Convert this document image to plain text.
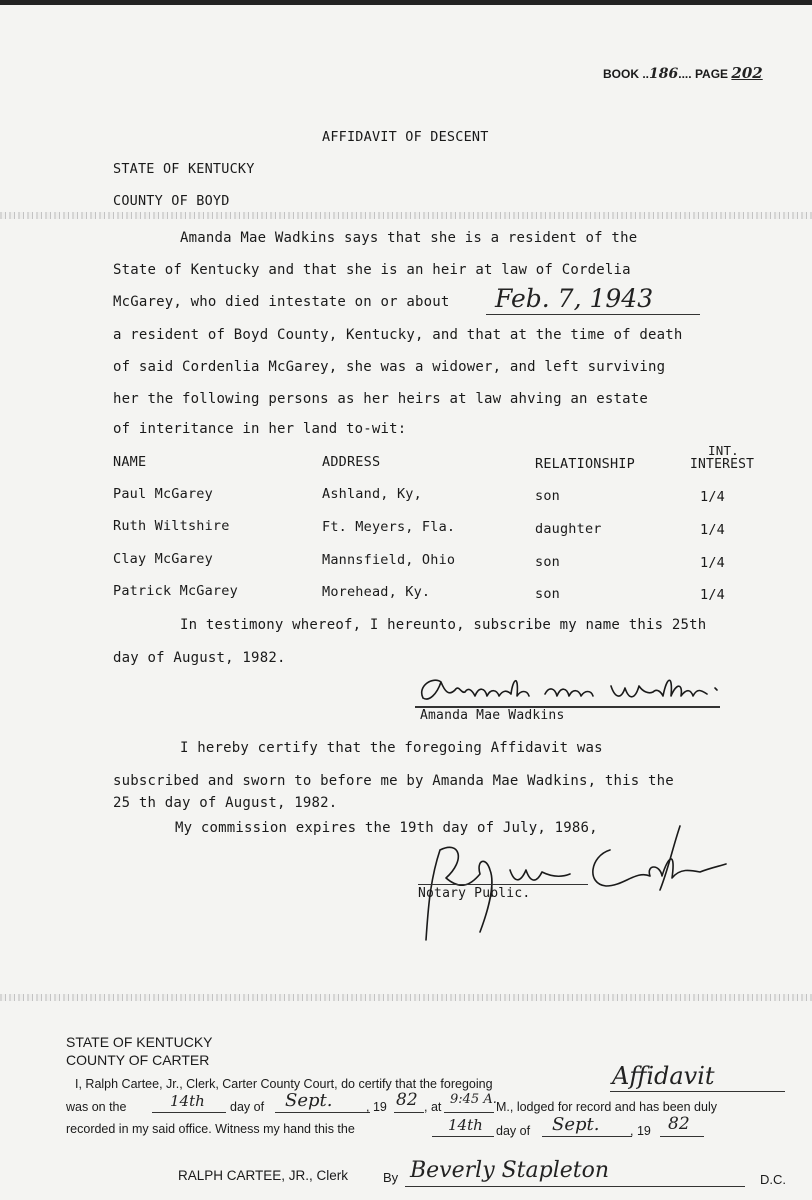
BOOK ..186.... PAGE 202
AFFIDAVIT OF DESCENT
STATE OF KENTUCKY
COUNTY OF BOYD
Amanda Mae Wadkins says that she is a resident of the
State of Kentucky and that she is an heir at law of Cordelia
McGarey, who died intestate on or about Feb. 7, 1943
a resident of Boyd County, Kentucky, and that at the time of death
of said Cordenlia McGarey, she was a widower, and left surviving
her the following persons as her heirs at law ahving an estate
of interitance in her land to-wit:
NAME	ADDRESS	RELATIONSHIP
INT.
INTEREST
Paul McGarey	Ashland, Ky,	son	1/4
Ruth Wiltshire	Ft. Meyers, Fla.	daughter	1/4
Clay McGarey	Mannsfield, Ohio	son	1/4
Patrick McGarey	Morehead, Ky.	son	1/4
In testimony whereof, I hereunto, subscribe my name this 25th
day of August, 1982.
Amanda Mae Wadkins
I hereby certify that the foregoing Affidavit was
subscribed and sworn to before me by Amanda Mae Wadkins, this the
25 th day of August, 1982.
My commission expires the 19th day of July, 1986,
Notary Public.
STATE OF KENTUCKY
COUNTY OF CARTER
I, Ralph Cartee, Jr., Clerk, Carter County Court, do certify that the foregoing	Affidavit
was on the	14th day of Sept.	, 19 82 , at 9:45 A. M., lodged for record and has been duly
recorded in my said office. Witness my hand this the	14th day of Sept. , 19 82
RALPH CARTEE, JR., Clerk	By Beverly Stapleton	D.C.
